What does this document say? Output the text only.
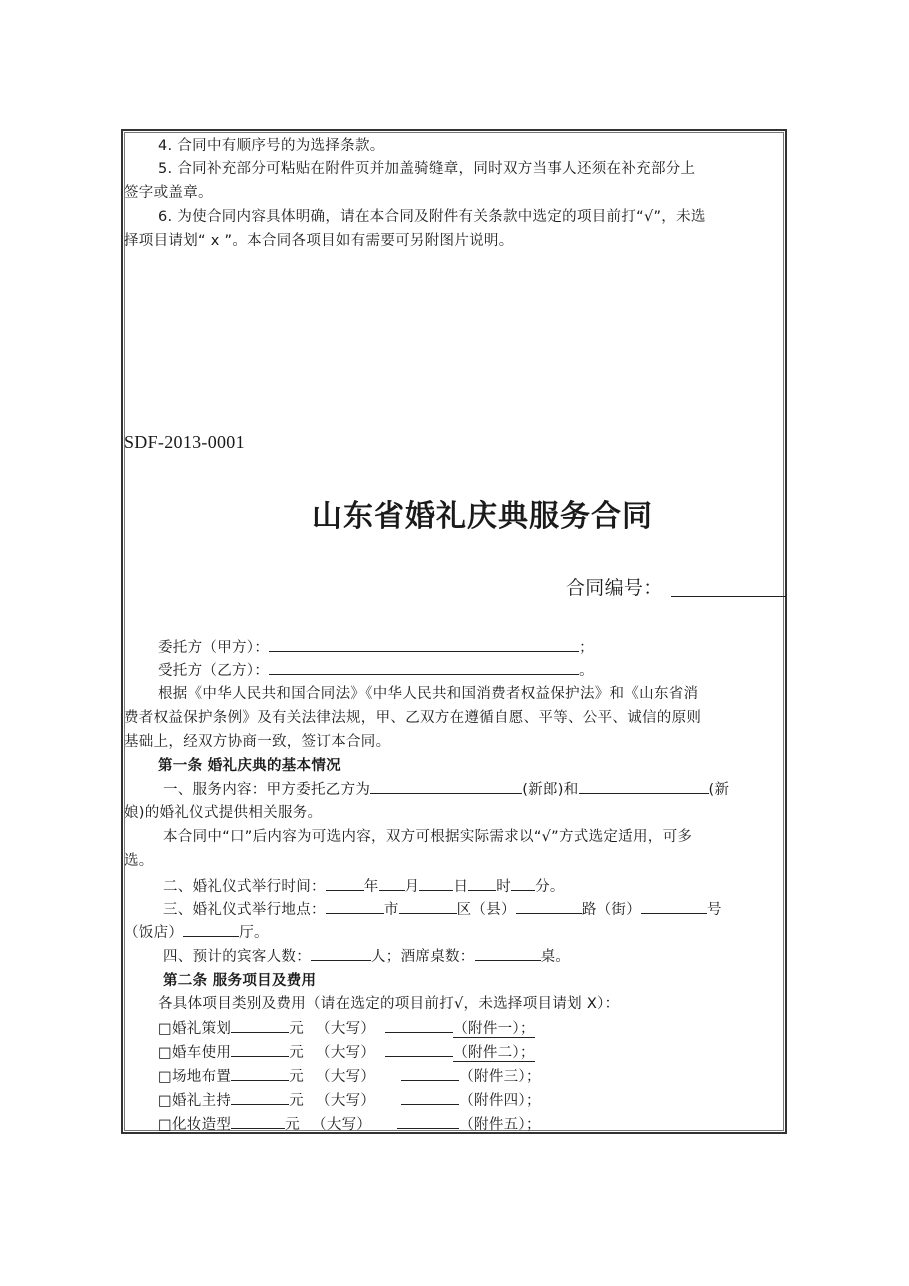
4. 合同中有顺序号的为选择条款。
5. 合同补充部分可粘贴在附件页并加盖骑缝章，同时双方当事人还须在补充部分上
签字或盖章。
6. 为使合同内容具体明确，请在本合同及附件有关条款中选定的项目前打“√”，未选
择项目请划“ x ”。本合同各项目如有需要可另附图片说明。
SDF-2013-0001
山东省婚礼庆典服务合同
合同编号：
委托方（甲方）：	；
受托方（乙方）：	。
根据《中华人民共和国合同法》《中华人民共和国消费者权益保护法》和《山东省消
费者权益保护条例》及有关法律法规，甲、乙双方在遵循自愿、平等、公平、诚信的原则
基础上，经双方协商一致，签订本合同。
第一条 婚礼庆典的基本情况
一、服务内容：甲方委托乙方为	(新郎)和	(新
娘)的婚礼仪式提供相关服务。
本合同中“口”后内容为可选内容，双方可根据实际需求以“√”方式选定适用，可多
选。
二、婚礼仪式举行时间：	年 月 日 时 分。
三、婚礼仪式举行地点：	市	区（县）	路（街）	号
（饭店）	厅。
四、预计的宾客人数：	人；酒席桌数：	桌。
第二条 服务项目及费用
各具体项目类别及费用（请在选定的项目前打√，未选择项目请划 X）：
□婚礼策划	元 （大写）	（附件一）；
□婚车使用	元 （大写）	（附件二）；
□场地布置	元 （大写）	（附件三）；
□婚礼主持	元 （大写）	（附件四）；
□化妆造型	元 （大写）	（附件五）；
